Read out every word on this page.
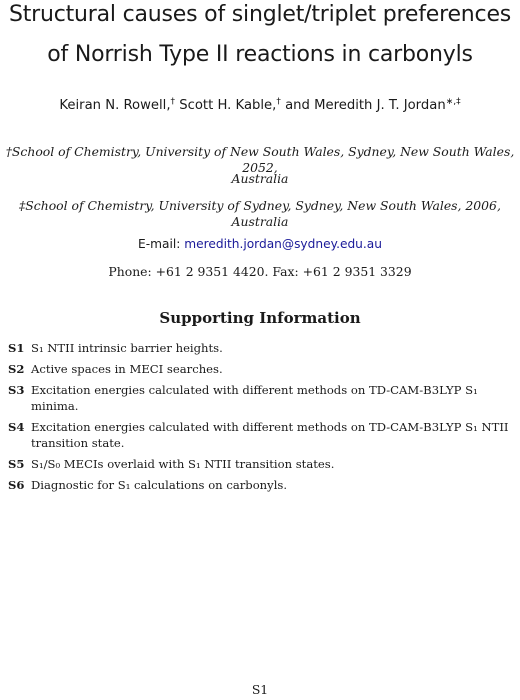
Structural causes of singlet/triplet preferences
of Norrish Type II reactions in carbonyls
Keiran N. Rowell,† Scott H. Kable,† and Meredith J. T. Jordan∗,‡
†School of Chemistry, University of New South Wales, Sydney, New South Wales, 2052,
Australia
‡School of Chemistry, University of Sydney, Sydney, New South Wales, 2006, Australia
E-mail: meredith.jordan@sydney.edu.au
Phone: +61 2 9351 4420. Fax: +61 2 9351 3329
Supporting Information
S1 S₁ NTII intrinsic barrier heights.
S2 Active spaces in MECI searches.
S3 Excitation energies calculated with different methods on TD-CAM-B3LYP S₁ minima.
S4 Excitation energies calculated with different methods on TD-CAM-B3LYP S₁ NTII transition state.
S5 S₁/S₀ MECIs overlaid with S₁ NTII transition states.
S6 Diagnostic for S₁ calculations on carbonyls.
S1
